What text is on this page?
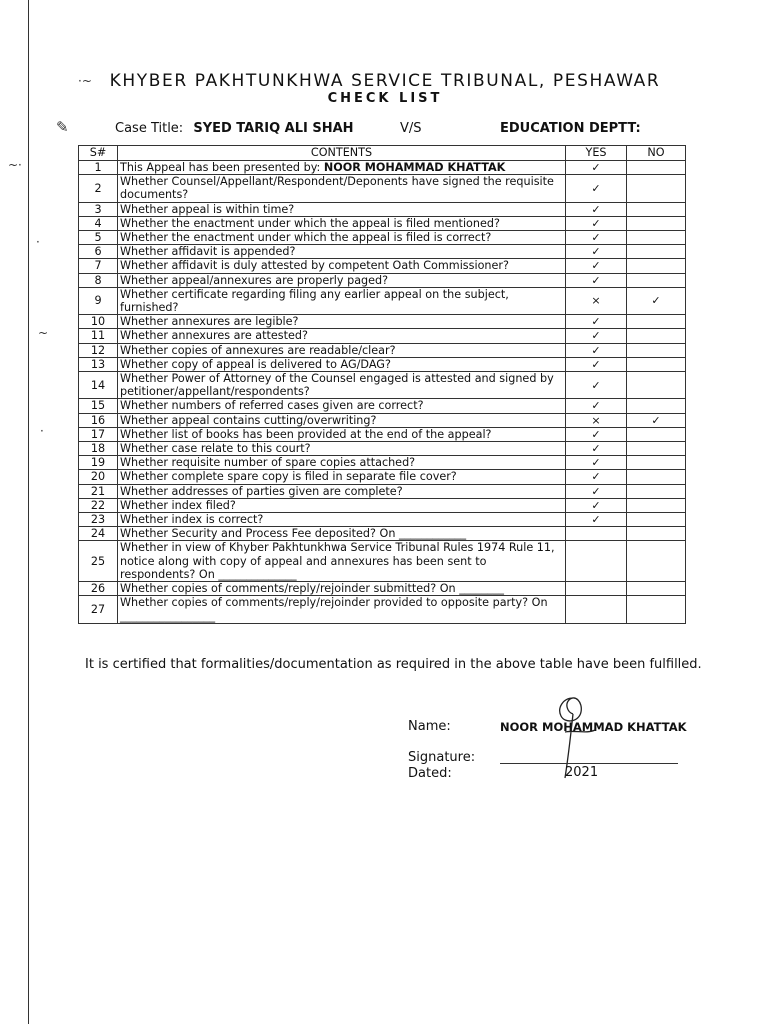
·~
✎
~·
·
~
·
KHYBER PAKHTUNKHWA SERVICE TRIBUNAL, PESHAWAR
CHECK LIST
Case Title: SYED TARIQ ALI SHAH	V/S	EDUCATION DEPTT:
S#	CONTENTS	YES	NO
1	This Appeal has been presented by: NOOR MOHAMMAD KHATTAK	✓	
2	Whether Counsel/Appellant/Respondent/Deponents have signed the requisite documents?	✓	
3	Whether appeal is within time?	✓	
4	Whether the enactment under which the appeal is filed mentioned?	✓	
5	Whether the enactment under which the appeal is filed is correct?	✓	
6	Whether affidavit is appended?	✓	
7	Whether affidavit is duly attested by competent Oath Commissioner?	✓	
8	Whether appeal/annexures are properly paged?	✓	
9	Whether certificate regarding filing any earlier appeal on the subject, furnished?	×	✓
10	Whether annexures are legible?	✓	
11	Whether annexures are attested?	✓	
12	Whether copies of annexures are readable/clear?	✓	
13	Whether copy of appeal is delivered to AG/DAG?	✓	
14	Whether Power of Attorney of the Counsel engaged is attested and signed by petitioner/appellant/respondents?	✓	
15	Whether numbers of referred cases given are correct?	✓	
16	Whether appeal contains cutting/overwriting?	×	✓
17	Whether list of books has been provided at the end of the appeal?	✓	
18	Whether case relate to this court?	✓	
19	Whether requisite number of spare copies attached?	✓	
20	Whether complete spare copy is filed in separate file cover?	✓	
21	Whether addresses of parties given are complete?	✓	
22	Whether index filed?	✓	
23	Whether index is correct?	✓	
24	Whether Security and Process Fee deposited? On ____________		
25	Whether in view of Khyber Pakhtunkhwa Service Tribunal Rules 1974 Rule 11, notice along with copy of appeal and annexures has been sent to respondents? On ______________		
26	Whether copies of comments/reply/rejoinder submitted? On ________		
27	Whether copies of comments/reply/rejoinder provided to opposite party? On _________________		
It is certified that formalities/documentation as required in the above table have been fulfilled.
Name:	NOOR MOHAMMAD KHATTAK
Signature:
Dated:	2021
